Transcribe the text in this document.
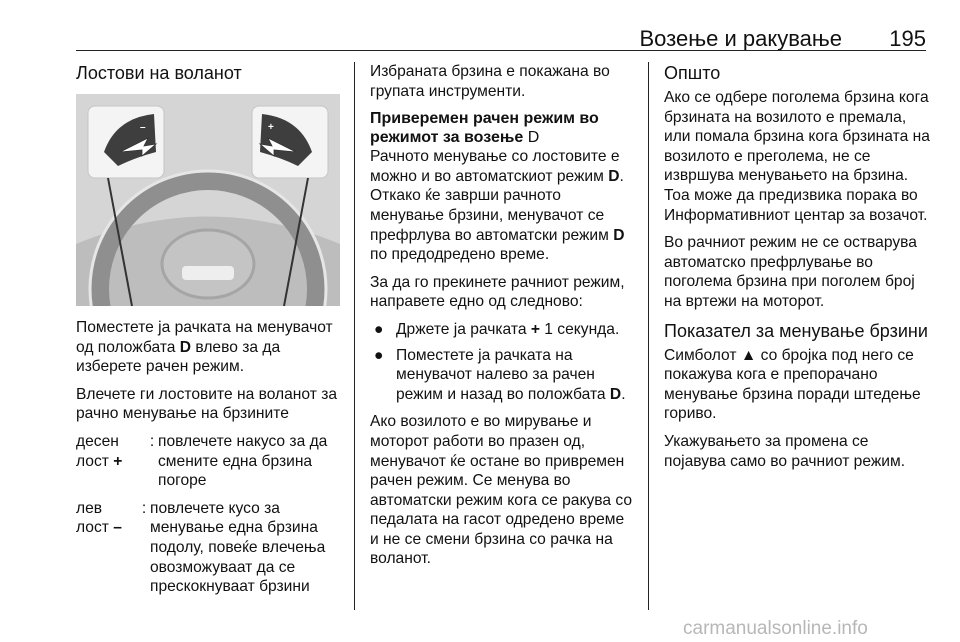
Возење и ракување 195
Лостови на воланот
–	+

Поместете ја рачката на менувачот од положбата D влево за да изберете рачен режим.

Влечете ги лостовите на воланот за рачно менување на брзините

десен
лост +
: повлечете накусо за да смените една брзина погоре
лев
лост –
: повлечете кусо за менување една брзина подолу, повеќе влечења овозможуваат да се прескокнуваат брзини

Избраната брзина е покажана во групата инструменти.

Приверемен рачен режим во режимот за возење D

Рачното менување со лостовите е можно и во автоматскиот режим D. Откако ќе заврши рачното менување брзини, менувачот се префрлува во автоматски режим D по предодредено време.

За да го прекинете рачниот режим, направете едно од следново:

● Држете ја рачката + 1 секунда.
● Поместете ја рачката на менувачот налево за рачен режим и назад во положбата D.

Ако возилото е во мирување и моторот работи во празен од, менувачот ќе остане во привремен рачен режим. Се менува во автоматски режим кога се ракува со педалата на гасот одредено време и не се смени брзина со рачка на воланот.

Општо

Ако се одбере поголема брзина кога брзината на возилото е премала, или помала брзина кога брзината на возилото е преголема, не се извршува менувањето на брзина. Тоа може да предизвика порака во Информативниот центар за возачот.

Во рачниот режим не се остварува автоматско префрлување во поголема брзина при поголем број на вртежи на моторот.

Показател за менување брзини

Симболот ▲ со бројка под него се покажува кога е препорачано менување брзина поради штедење гориво.

Укажувањето за промена се појавува само во рачниот режим.

carmanualsonline.info
